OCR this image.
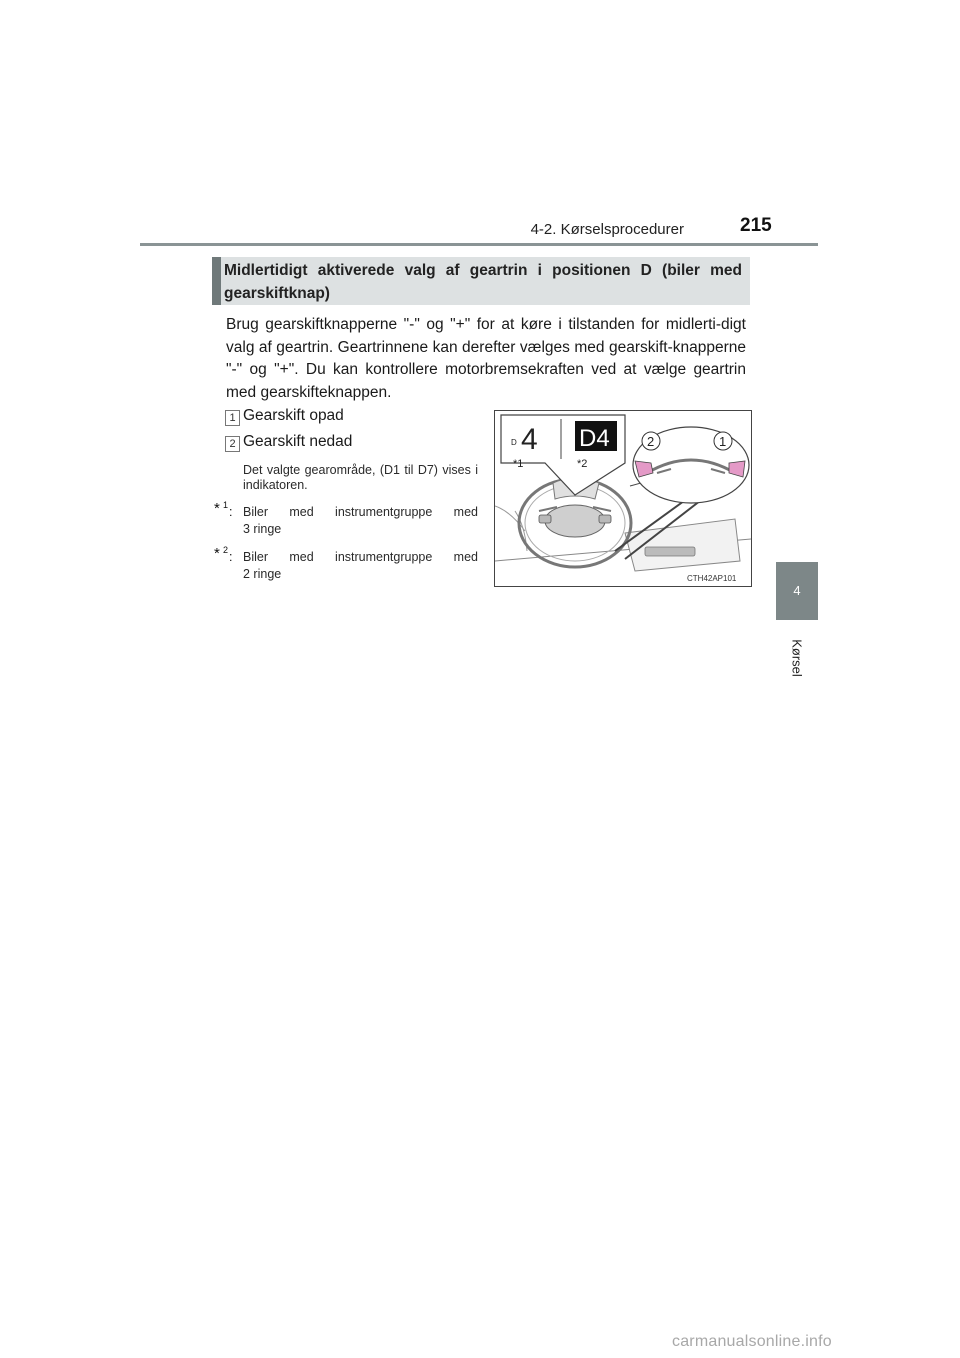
4-2. Kørselsprocedurer	215
4
Kørsel
Midlertidigt aktiverede valg af geartrin i positionen D (biler med gearskiftknap)
Brug gearskiftknapperne "-" og "+" for at køre i tilstanden for midlerti-digt valg af geartrin. Geartrinnene kan derefter vælges med gearskift-knapperne "-" og "+". Du kan kontrollere motorbremsekraften ved at vælge geartrin med gearskifteknappen.
1 Gearskift opad
2 Gearskift nedad
Det valgte gearområde, (D1 til D7) vises i indikatoren.
* 1 : Biler med instrumentgruppe med
3 ringe
* 2 : Biler med instrumentgruppe med
2 ringe
D 4 D4
*1	*2
2	1
CTH42AP101
carmanualsonline.info
